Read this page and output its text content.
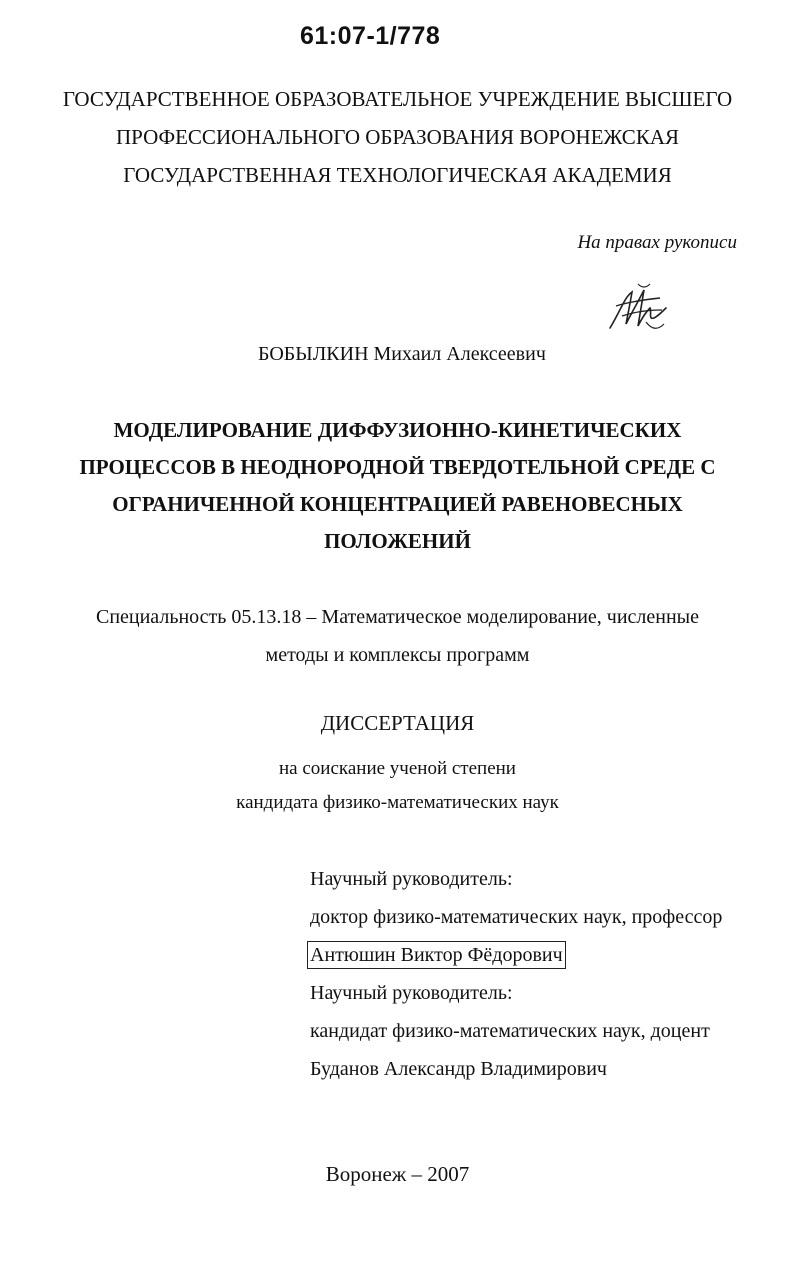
61:07-1/778
ГОСУДАРСТВЕННОЕ ОБРАЗОВАТЕЛЬНОЕ УЧРЕЖДЕНИЕ ВЫСШЕГО
ПРОФЕССИОНАЛЬНОГО ОБРАЗОВАНИЯ ВОРОНЕЖСКАЯ
ГОСУДАРСТВЕННАЯ ТЕХНОЛОГИЧЕСКАЯ АКАДЕМИЯ
На правах рукописи
БОБЫЛКИН Михаил Алексеевич
МОДЕЛИРОВАНИЕ ДИФФУЗИОННО-КИНЕТИЧЕСКИХ
ПРОЦЕССОВ В НЕОДНОРОДНОЙ ТВЕРДОТЕЛЬНОЙ СРЕДЕ С
ОГРАНИЧЕННОЙ КОНЦЕНТРАЦИЕЙ РАВЕНОВЕСНЫХ
ПОЛОЖЕНИЙ
Специальность 05.13.18 – Математическое моделирование, численные
методы и комплексы программ
ДИССЕРТАЦИЯ
на соискание ученой степени
кандидата физико-математических наук
Научный руководитель:
доктор физико-математических наук, профессор
Антюшин Виктор Фёдорович
Научный руководитель:
кандидат физико-математических наук, доцент
Буданов Александр Владимирович
Воронеж – 2007
